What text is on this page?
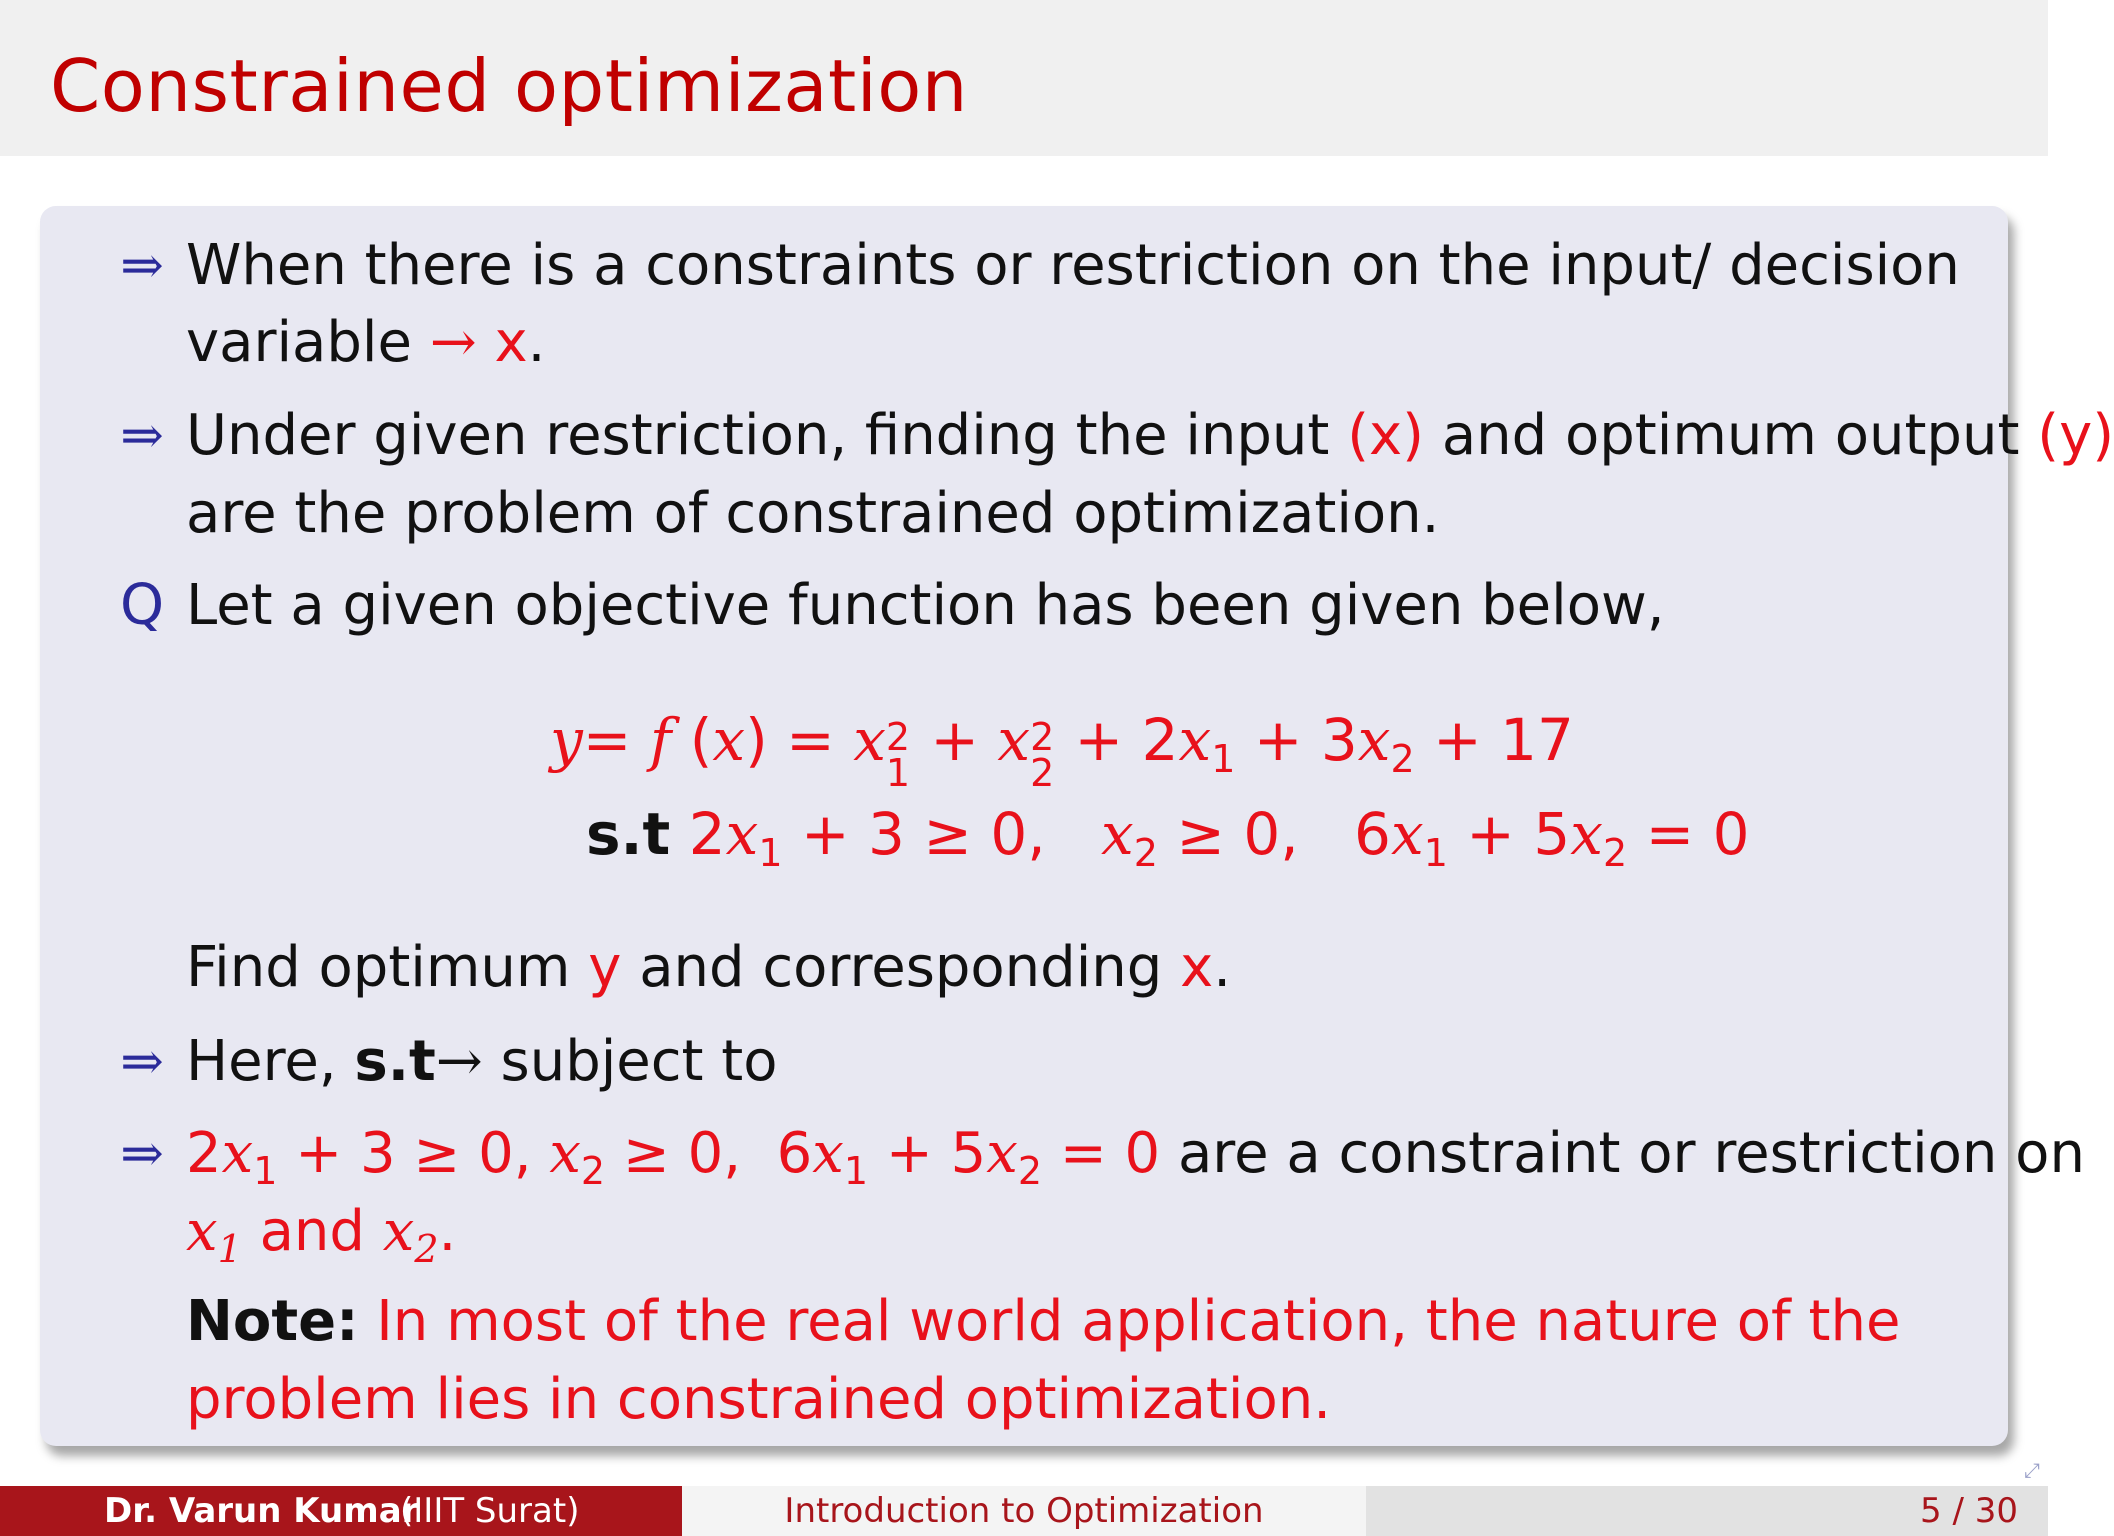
Constrained optimization
⇒ When there is a constraints or restriction on the input/ decision
variable → x.
⇒ Under given restriction, finding the input (x) and optimum output (y)
are the problem of constrained optimization.
Q Let a given objective function has been given below,
y= f (x) = x 2
1 + x 2
$2 + 2x_1 + 3x_2 + 17$
s.t $2x_1 + 3 \ge 0$,   $x_2 \ge 0$,   $6x_1 + 5x_2 = 0$
Find optimum y and corresponding x.
⇒ Here, s.t→ subject to
⇒ $2x_1 + 3 \ge 0$, $x_2 \ge 0$,  $6x_1 + 5x_2 = 0$ are a constraint or restriction on
$x_1$ and $x_2$.
Note: In most of the real world application, the nature of the
problem lies in constrained optimization.
⤢
Dr. Varun Kumar
(IIIT Surat)	Introduction to Optimization	5 / 30
